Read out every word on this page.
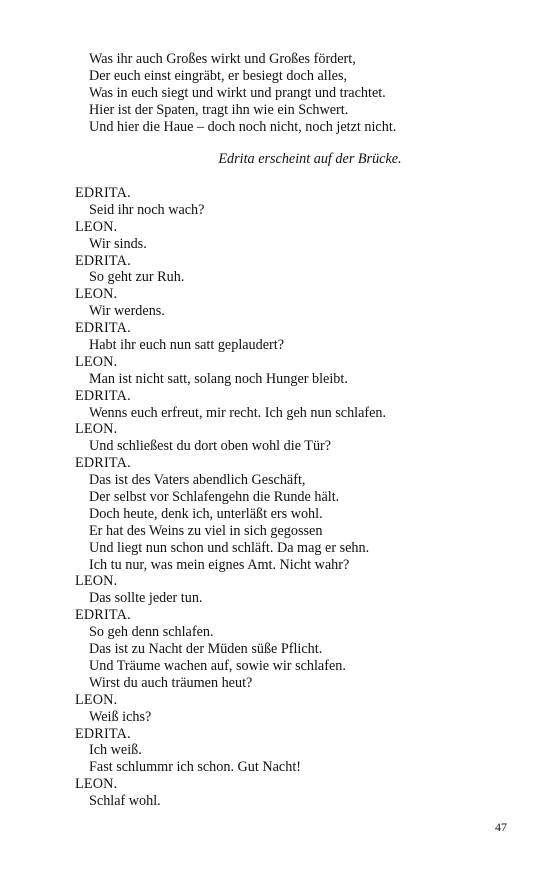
Was ihr auch Großes wirkt und Großes fördert,
Der euch einst eingräbt, er besiegt doch alles,
Was in euch siegt und wirkt und prangt und trachtet.
Hier ist der Spaten, tragt ihn wie ein Schwert.
Und hier die Haue – doch noch nicht, noch jetzt nicht.
Edrita erscheint auf der Brücke.
EDRITA.
Seid ihr noch wach?
LEON.
Wir sinds.
EDRITA.
So geht zur Ruh.
LEON.
Wir werdens.
EDRITA.
Habt ihr euch nun satt geplaudert?
LEON.
Man ist nicht satt, solang noch Hunger bleibt.
EDRITA.
Wenns euch erfreut, mir recht. Ich geh nun schlafen.
LEON.
Und schließest du dort oben wohl die Tür?
EDRITA.
Das ist des Vaters abendlich Geschäft,
Der selbst vor Schlafengehn die Runde hält.
Doch heute, denk ich, unterläßt ers wohl.
Er hat des Weins zu viel in sich gegossen
Und liegt nun schon und schläft. Da mag er sehn.
Ich tu nur, was mein eignes Amt. Nicht wahr?
LEON.
Das sollte jeder tun.
EDRITA.
So geh denn schlafen.
Das ist zu Nacht der Müden süße Pflicht.
Und Träume wachen auf, sowie wir schlafen.
Wirst du auch träumen heut?
LEON.
Weiß ichs?
EDRITA.
Ich weiß.
Fast schlummr ich schon. Gut Nacht!
LEON.
Schlaf wohl.
47
